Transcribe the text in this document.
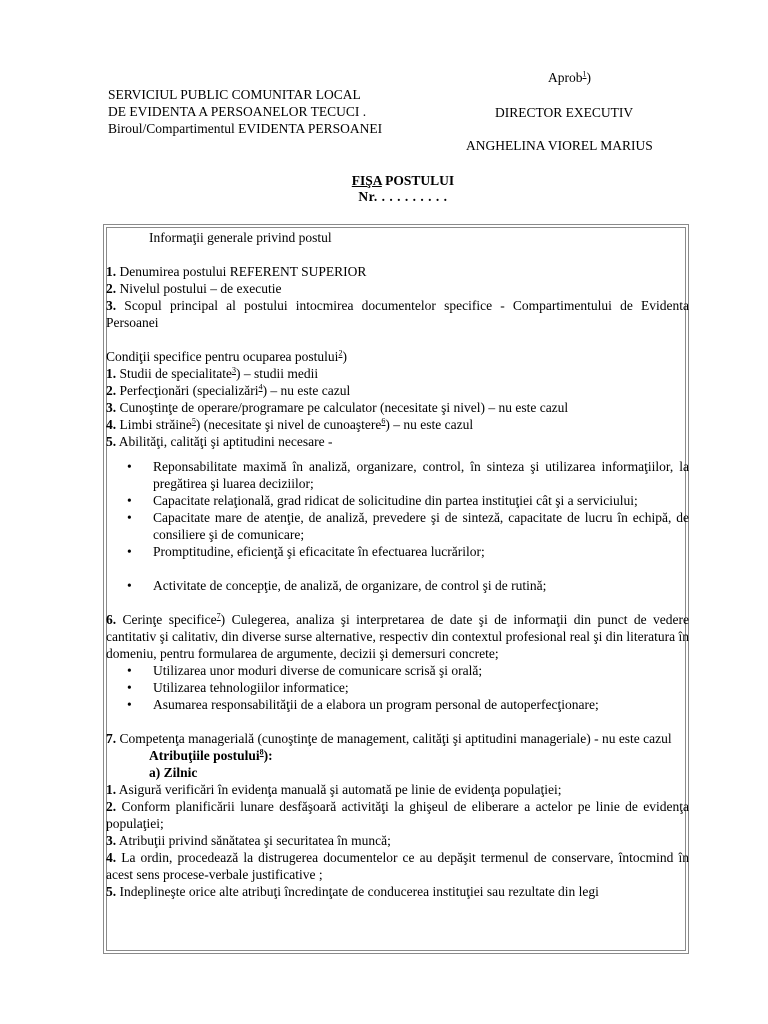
Aprob$^1$)
SERVICIUL PUBLIC COMUNITAR LOCAL
DE EVIDENTA A PERSOANELOR TECUCI .
Biroul/Compartimentul EVIDENTA PERSOANEI
DIRECTOR EXECUTIV
ANGHELINA VIOREL MARIUS
FIŞA POSTULUI
Nr. . . . . . . . . .

Informaţii generale privind postul

1. Denumirea postului REFERENT SUPERIOR

2. Nivelul postului – de executie

3. Scopul principal al postului intocmirea documentelor specifice - Compartimentului de Evidenta Persoanei

Condiţii specifice pentru ocuparea postului$^2$)

1. Studii de specialitate$^3$) – studii medii

2. Perfecţionări (specializări$^4$) – nu este cazul

3. Cunoştinţe de operare/programare pe calculator (necesitate şi nivel) – nu este cazul

4. Limbi străine$^5$) (necesitate şi nivel de cunoaştere$^6$) – nu este cazul

5. Abilităţi, calităţi şi aptitudini necesare -

• Reponsabilitate maximă în analiză, organizare, control, în sinteza şi utilizarea informaţiilor, la pregătirea şi luarea deciziilor;
• Capacitate relaţională, grad ridicat de solicitudine din partea instituţiei cât şi a serviciului;
• Capacitate mare de atenţie, de analiză, prevedere şi de sinteză, capacitate de lucru în echipă, de consiliere şi de comunicare;
• Promptitudine, eficienţă şi eficacitate în efectuarea lucrărilor;
• Activitate de concepţie, de analiză, de organizare, de control şi de rutină;

6. Cerinţe specifice$^7$) Culegerea, analiza şi interpretarea de date şi de informaţii din punct de vedere cantitativ şi calitativ, din diverse surse alternative, respectiv din contextul profesional real şi din literatura în domeniu, pentru formularea de argumente, decizii şi demersuri concrete;

• Utilizarea unor moduri diverse de comunicare scrisă şi orală;
• Utilizarea tehnologiilor informatice;
• Asumarea responsabilităţii de a elabora un program personal de autoperfecţionare;

7. Competenţa managerială (cunoştinţe de management, calităţi şi aptitudini manageriale) - nu este cazul

Atribuţiile postului$^8$):

a) Zilnic

1. Asigură verificări în evidenţa manuală şi automată pe linie de evidenţa populaţiei;

2. Conform planificării lunare desfăşoară activităţi la ghişeul de eliberare a actelor pe linie de evidenţa populaţiei;

3. Atribuţii privind sănătatea şi securitatea în muncă;

4. La ordin, procedează la distrugerea documentelor ce au depăşit termenul de conservare, întocmind în acest sens procese-verbale justificative ;

5. Indeplineşte orice alte atribuţi încredinţate de conducerea instituţiei sau rezultate din legi
